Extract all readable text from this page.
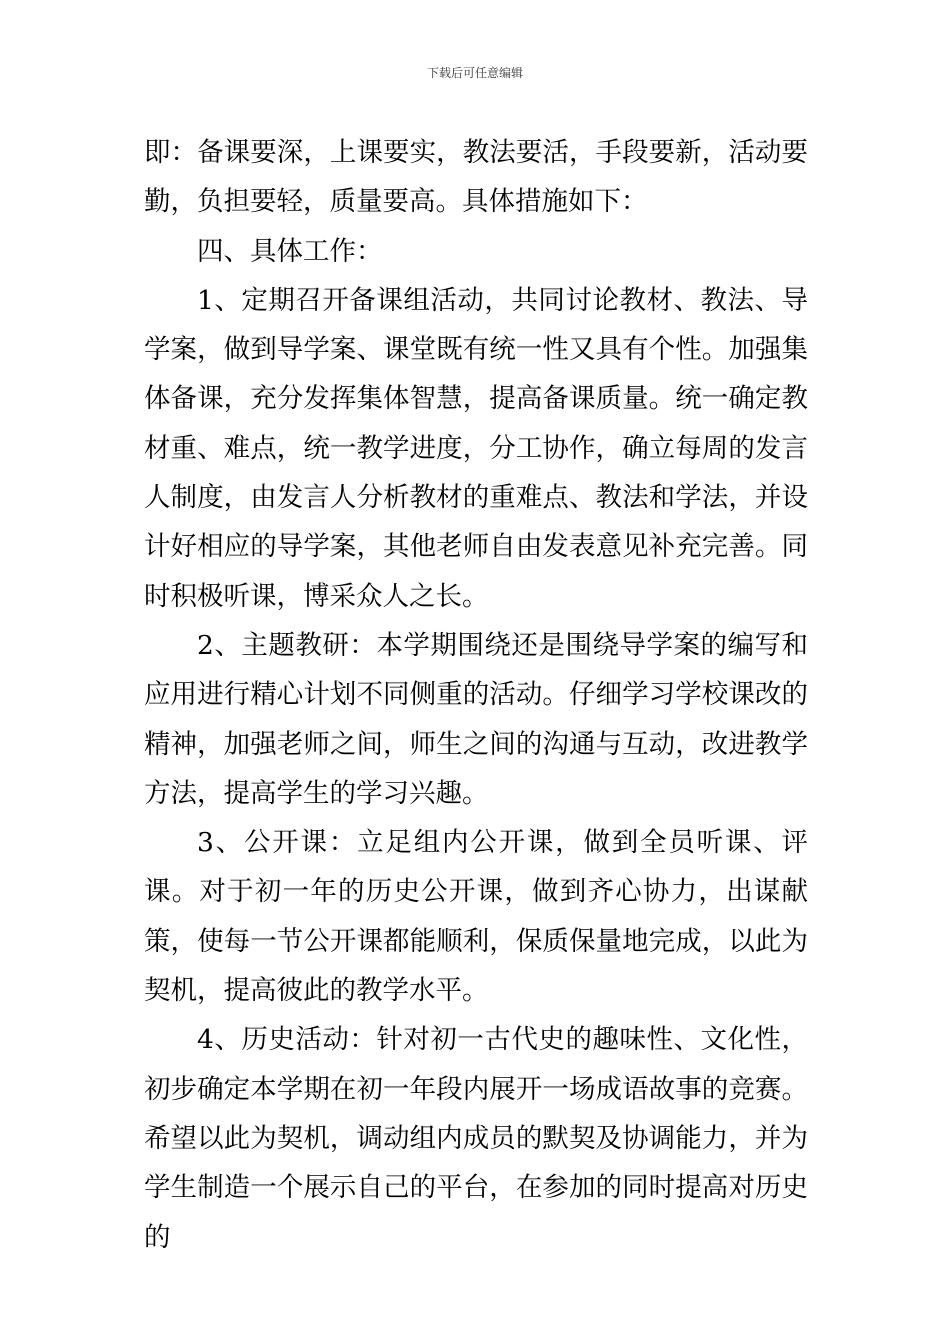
下载后可任意编辑

即：备课要深，上课要实，教法要活，手段要新，活动要勤，负担要轻，质量要高。具体措施如下：

四、具体工作：

1、定期召开备课组活动，共同讨论教材、教法、导学案，做到导学案、课堂既有统一性又具有个性。加强集体备课，充分发挥集体智慧，提高备课质量。统一确定教材重、难点，统一教学进度，分工协作，确立每周的发言人制度，由发言人分析教材的重难点、教法和学法，并设计好相应的导学案，其他老师自由发表意见补充完善。同时积极听课，博采众人之长。

2、主题教研：本学期围绕还是围绕导学案的编写和应用进行精心计划不同侧重的活动。仔细学习学校课改的精神，加强老师之间，师生之间的沟通与互动，改进教学方法，提高学生的学习兴趣。

3、公开课：立足组内公开课，做到全员听课、评课。对于初一年的历史公开课，做到齐心协力，出谋献策，使每一节公开课都能顺利，保质保量地完成，以此为契机，提高彼此的教学水平。

4、历史活动：针对初一古代史的趣味性、文化性，初步确定本学期在初一年段内展开一场成语故事的竞赛。希望以此为契机，调动组内成员的默契及协调能力，并为学生制造一个展示自己的平台，在参加的同时提高对历史的
